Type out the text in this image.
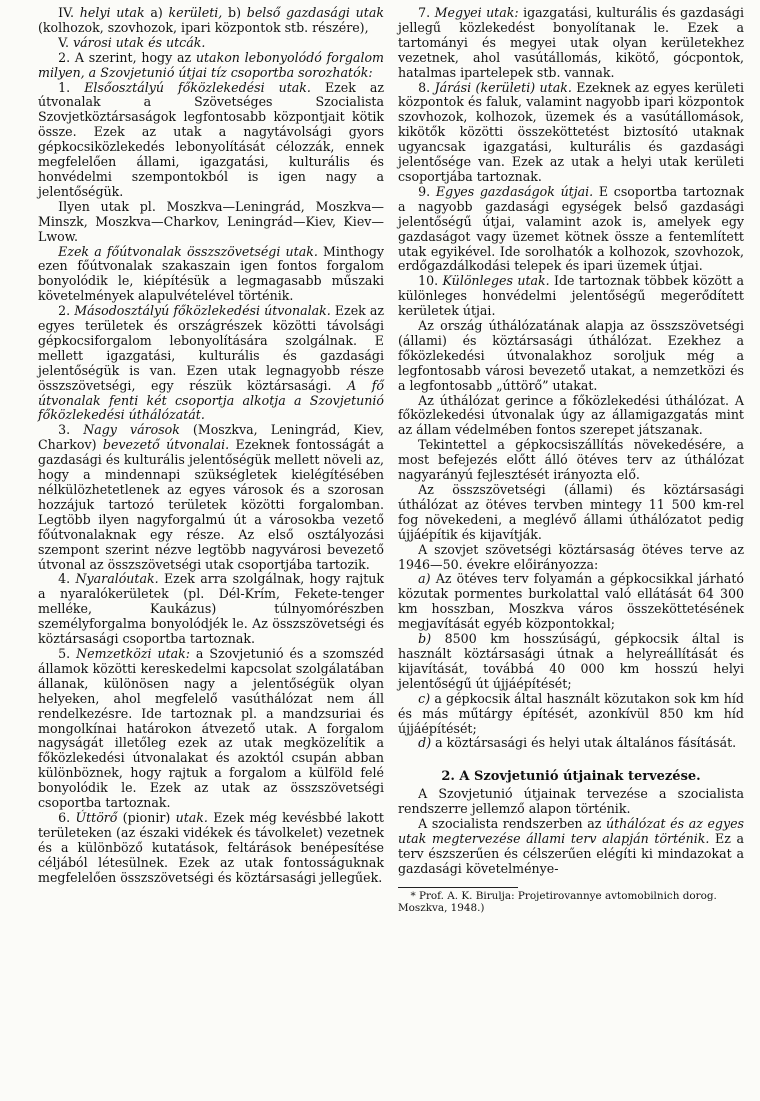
IV. helyi utak a) kerületi, b) belső gazdasági utak (kolhozok, szovhozok, ipari központok stb. részére),

V. városi utak és utcák.

2. A szerint, hogy az utakon lebonyolódó forgalom milyen, a Szovjetunió útjai tíz csoportba sorozhatók:

1. Elsőosztályú főközlekedési utak. Ezek az útvonalak a Szövetséges Szocialista Szovjetköztársaságok legfontosabb központjait kötik össze. Ezek az utak a nagytávolsági gyors gépkocsiközlekedés lebonyolítását célozzák, ennek megfelelően állami, igazgatási, kulturális és honvédelmi szempontokból is igen nagy a jelentőségük.

Ilyen utak pl. Moszkva—Leningrád, Moszkva—Minszk, Moszkva—Charkov, Leningrád—Kiev, Kiev—Lwow.

Ezek a főútvonalak összszövetségi utak. Minthogy ezen főútvonalak szakaszain igen fontos forgalom bonyolódik le, kiépítésük a legmagasabb műszaki követelmények alapulvételével történik.

2. Másodosztályú főközlekedési útvonalak. Ezek az egyes területek és országrészek közötti távolsági gépkocsiforgalom lebonyolítására szolgálnak. E mellett igazgatási, kulturális és gazdasági jelentőségük is van. Ezen utak legnagyobb része összszövetségi, egy részük köztársasági. A fő útvonalak fenti két csoportja alkotja a Szovjetunió főközlekedési úthálózatát.

3. Nagy városok (Moszkva, Leningrád, Kiev, Charkov) bevezető útvonalai. Ezeknek fontosságát a gazdasági és kulturális jelentőségük mellett növeli az, hogy a mindennapi szükségletek kielégítésében nélkülözhetetlenek az egyes városok és a szorosan hozzájuk tartozó területek közötti forgalomban. Legtöbb ilyen nagyforgalmú út a városokba vezető főútvonalaknak egy része. Az első osztályozási szempont szerint nézve legtöbb nagyvárosi bevezető útvonal az összszövetségi utak csoportjába tartozik.

4. Nyaralóutak. Ezek arra szolgálnak, hogy rajtuk a nyaralókerületek (pl. Dél-Krím, Fekete-tenger melléke, Kaukázus) túlnyomórészben személyforgalma bonyolódjék le. Az összszövetségi és köztársasági csoportba tartoznak.

5. Nemzetközi utak: a Szovjetunió és a szomszéd államok közötti kereskedelmi kapcsolat szolgálatában állanak, különösen nagy a jelentőségük olyan helyeken, ahol megfelelő vasúthálózat nem áll rendelkezésre. Ide tartoznak pl. a mandzsuriai és mongolkínai határokon átvezető utak. A forgalom nagyságát illetőleg ezek az utak megközelítik a főközlekedési útvonalakat és azoktól csupán abban különböznek, hogy rajtuk a forgalom a külföld felé bonyolódik le. Ezek az utak az összszövetségi csoportba tartoznak.

6. Úttörő (pionir) utak. Ezek még kevésbbé lakott területeken (az északi vidékek és távolkelet) vezetnek és a különböző kutatások, feltárások benépesítése céljából létesülnek. Ezek az utak fontosságuknak megfelelően összszövetségi és köztársasági jellegűek.

7. Megyei utak: igazgatási, kulturális és gazdasági jellegű közlekedést bonyolítanak le. Ezek a tartományi és megyei utak olyan kerületekhez vezetnek, ahol vasútállomás, kikötő, gócpontok, hatalmas iparteleрek stb. vannak.

8. Járási (kerületi) utak. Ezeknek az egyes kerületi központok és faluk, valamint nagyobb ipari központok szovhozok, kolhozok, üzemek és a vasútállomások, kikötők közötti összeköttetést biztosító utaknak ugyancsak igazgatási, kulturális és gazdasági jelentősége van. Ezek az utak a helyi utak kerületi csoportjába tartoznak.

9. Egyes gazdaságok útjai. E csoportba tartoznak a nagyobb gazdasági egységek belső gazdasági jelentőségű útjai, valamint azok is, amelyek egy gazdaságot vagy üzemet kötnek össze a fentemlített utak egyikével. Ide sorolhatók a kolhozok, szovhozok, erdőgazdálkodási telepek és ipari üzemek útjai.

10. Különleges utak. Ide tartoznak többek között a különleges honvédelmi jelentőségű megerődített kerületek útjai.

Az ország úthálózatának alapja az összszövetségi (állami) és köztársasági úthálózat. Ezekhez a főközlekedési útvonalakhoz soroljuk még a legfontosabb városi bevezető utakat, a nemzetközi és a legfontosabb „úttörő” utakat.

Az úthálózat gerince a főközlekedési úthálózat. A főközlekedési útvonalak úgy az államigazgatás mint az állam védelmében fontos szerepet játszanak.

Tekintettel a gépkocsiszállítás növekedésére, a most befejezés előtt álló ötéves terv az úthálózat nagyarányú fejlesztését irányozta elő.

Az összszövetségi (állami) és köztársasági úthálózat az ötéves tervben mintegy 11 500 km-rel fog növekedeni, a meglévő állami úthálózatot pedig újjáépítik és kijavítják.

A szovjet szövetségi köztársaság ötéves terve az 1946—50. évekre előirányozza:

a) Az ötéves terv folyamán a gépkocsikkal járható közutak pormentes burkolattal való ellátását 64 300 km hosszban, Moszkva város összeköttetésének megjavítását egyéb központokkal;

b) 8500 km hosszúságú, gépkocsik által is használt köztársasági útnak a helyreállítását és kijavítását, továbbá 40 000 km hosszú helyi jelentőségű út újjáépítését;

c) a gépkocsik által használt közutakon sok km híd és más műtárgy építését, azonkívül 850 km híd újjáépítését;

d) a köztársasági és helyi utak általános fásítását.

2. A Szovjetunió útjainak tervezése.

A Szovjetunió útjainak tervezése a szocialista rendszerre jellemző alapon történik.

A szocialista rendszerben az úthálózat és az egyes utak megtervezése állami terv alapján történik. Ez a terv észszerűen és célszerűen elégíti ki mindazokat a gazdasági követelménye-

* Prof. A. K. Birulja: Projetirovannye avtomobilnich dorog. Moszkva, 1948.)
